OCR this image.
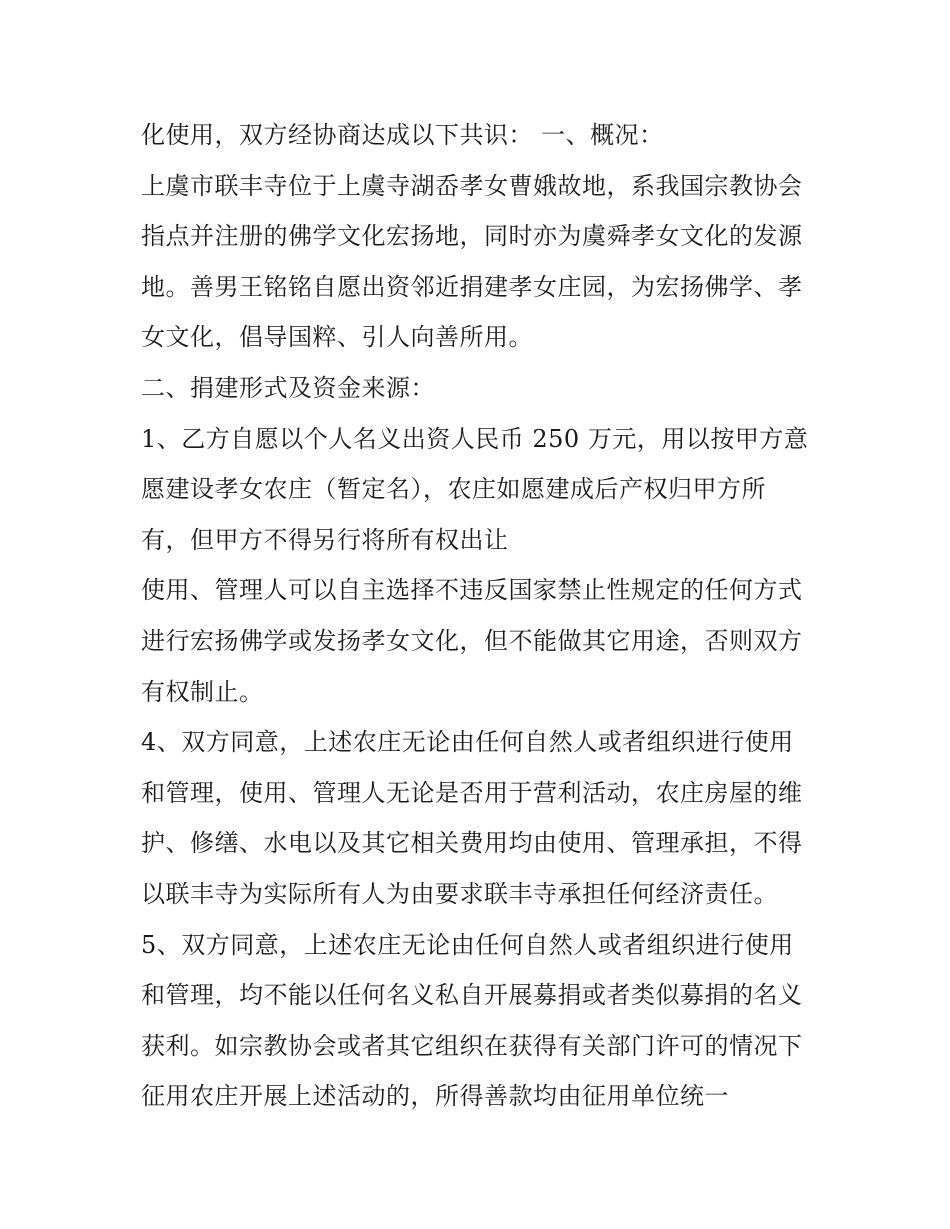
化使用，双方经协商达成以下共识： 一、概况：
上虞市联丰寺位于上虞寺湖岙孝女曹娥故地，系我国宗教协会
指点并注册的佛学文化宏扬地，同时亦为虞舜孝女文化的发源
地。善男王铭铭自愿出资邻近捐建孝女庄园，为宏扬佛学、孝
女文化，倡导国粹、引人向善所用。
二、捐建形式及资金来源：
1、乙方自愿以个人名义出资人民币 250 万元，用以按甲方意
愿建设孝女农庄（暂定名），农庄如愿建成后产权归甲方所
有，但甲方不得另行将所有权出让
使用、管理人可以自主选择不违反国家禁止性规定的任何方式
进行宏扬佛学或发扬孝女文化，但不能做其它用途，否则双方
有权制止。
4、双方同意，上述农庄无论由任何自然人或者组织进行使用
和管理，使用、管理人无论是否用于营利活动，农庄房屋的维
护、修缮、水电以及其它相关费用均由使用、管理承担，不得
以联丰寺为实际所有人为由要求联丰寺承担任何经济责任。
5、双方同意，上述农庄无论由任何自然人或者组织进行使用
和管理，均不能以任何名义私自开展募捐或者类似募捐的名义
获利。如宗教协会或者其它组织在获得有关部门许可的情况下
征用农庄开展上述活动的，所得善款均由征用单位统一
